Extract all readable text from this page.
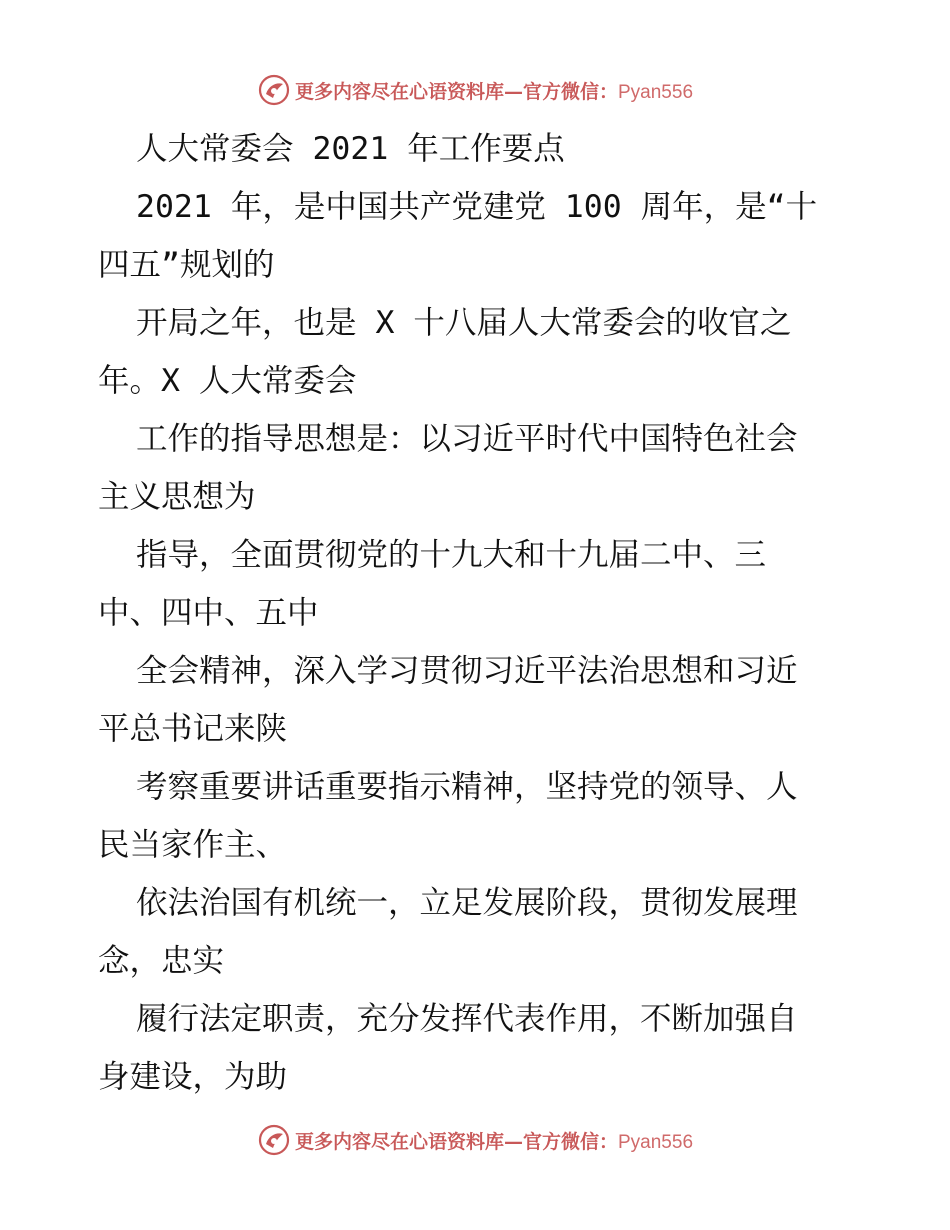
更多内容尽在心语资料库—官方微信：Pyan556
人大常委会 2021 年工作要点
2021 年，是中国共产党建党 100 周年，是“十
四五”规划的
开局之年，也是 X 十八届人大常委会的收官之
年。X 人大常委会
工作的指导思想是：以习近平时代中国特色社会
主义思想为
指导，全面贯彻党的十九大和十九届二中、三
中、四中、五中
全会精神，深入学习贯彻习近平法治思想和习近
平总书记来陕
考察重要讲话重要指示精神，坚持党的领导、人
民当家作主、
依法治国有机统一，立足发展阶段，贯彻发展理
念，忠实
履行法定职责，充分发挥代表作用，不断加强自
身建设，为助
更多内容尽在心语资料库—官方微信：Pyan556
